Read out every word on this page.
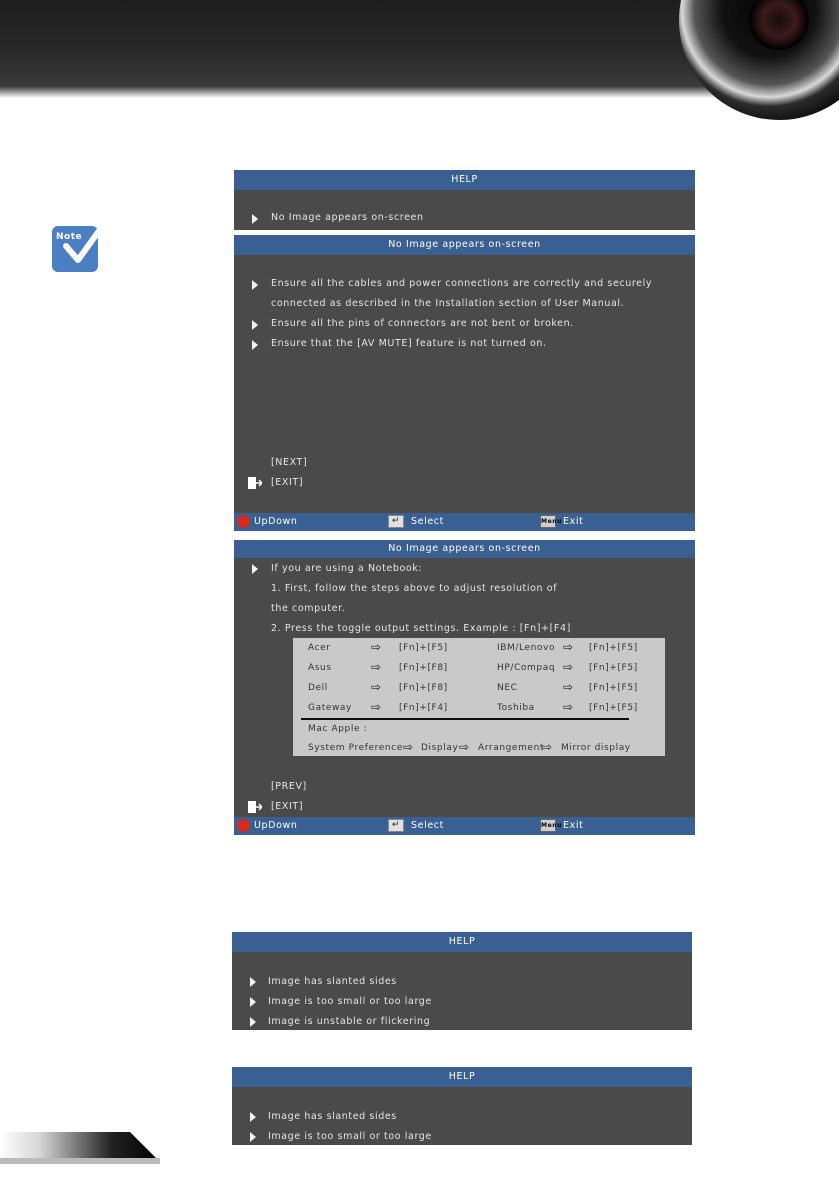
Note
HELP
No Image appears on-screen
No Image appears on-screen
Ensure all the cables and power connections are correctly and securely
connected as described in the Installation section of User Manual.
Ensure all the pins of connectors are not bent or broken.
Ensure that the [AV MUTE] feature is not turned on.
[NEXT]
[EXIT]
UpDown	↵	Select	Menu Exit
No Image appears on-screen
If you are using a Notebook:
1. First, follow the steps above to adjust resolution of
the computer.
2. Press the toggle output settings. Example : [Fn]+[F4]
Acer	⇨ [Fn]+[F5]	IBM/Lenovo ⇨ [Fn]+[F5]
Asus	⇨ [Fn]+[F8]	HP/Compaq ⇨ [Fn]+[F5]
Dell	⇨ [Fn]+[F8]	NEC	⇨ [Fn]+[F5]
Gateway ⇨ [Fn]+[F4]	Toshiba ⇨ [Fn]+[F5]
Mac Apple :
System Preference ⇨ Display ⇨ Arrangement
⇨ Mirror display
[PREV]
[EXIT]
UpDown	↵	Select	Menu Exit
HELP
Image has slanted sides
Image is too small or too large
Image is unstable or flickering
HELP
Image has slanted sides
Image is too small or too large
